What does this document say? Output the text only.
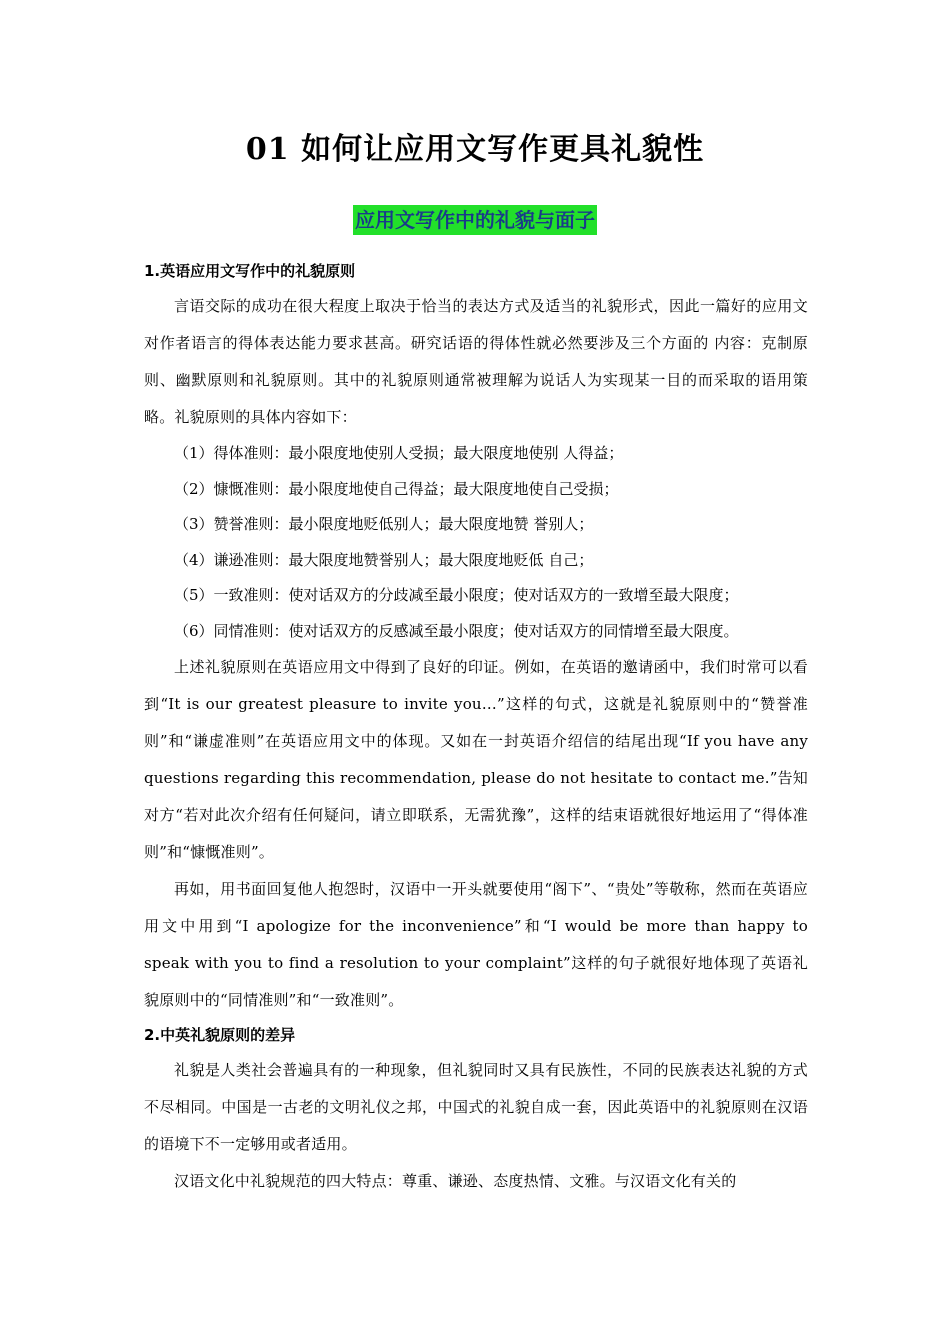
01 如何让应用文写作更具礼貌性
应用文写作中的礼貌与面子
1.英语应用文写作中的礼貌原则

言语交际的成功在很大程度上取决于恰当的表达方式及适当的礼貌形式，因此一篇好的应用文对作者语言的得体表达能力要求甚高。研究话语的得体性就必然要涉及三个方面的 内容：克制原则、幽默原则和礼貌原则。其中的礼貌原则通常被理解为说话人为实现某一目的而采取的语用策略。礼貌原则的具体内容如下：

（1）得体准则：最小限度地使别人受损；最大限度地使别 人得益；

（2）慷慨准则：最小限度地使自己得益；最大限度地使自己受损；

（3）赞誉准则：最小限度地贬低别人；最大限度地赞 誉别人；

（4）谦逊准则：最大限度地赞誉别人；最大限度地贬低 自己；

（5）一致准则：使对话双方的分歧减至最小限度；使对话双方的一致增至最大限度；

（6）同情准则：使对话双方的反感减至最小限度；使对话双方的同情增至最大限度。

上述礼貌原则在英语应用文中得到了良好的印证。例如，在英语的邀请函中，我们时常可以看到“It is our greatest pleasure to invite you…”这样的句式，这就是礼貌原则中的“赞誉准 则”和“谦虚准则”在英语应用文中的体现。又如在一封英语介绍信的结尾出现“If you have any questions regarding this recommendation, please do not hesitate to contact me.”告知对方“若对此次介绍有任何疑问，请立即联系，无需犹豫”，这样的结束语就很好地运用了“得体准则”和“慷慨准则”。

再如，用书面回复他人抱怨时，汉语中一开头就要使用“阁下”、“贵处”等敬称，然而在英语应用文中用到“I apologize for the inconvenience”和“I would be more than happy to speak with you to find a resolution to your complaint”这样的句子就很好地体现了英语礼貌原则中的“同情准则”和“一致准则”。

2.中英礼貌原则的差异

礼貌是人类社会普遍具有的一种现象，但礼貌同时又具有民族性，不同的民族表达礼貌的方式不尽相同。中国是一古老的文明礼仪之邦，中国式的礼貌自成一套，因此英语中的礼貌原则在汉语的语境下不一定够用或者适用。

汉语文化中礼貌规范的四大特点：尊重、谦逊、态度热情、文雅。与汉语文化有关的
